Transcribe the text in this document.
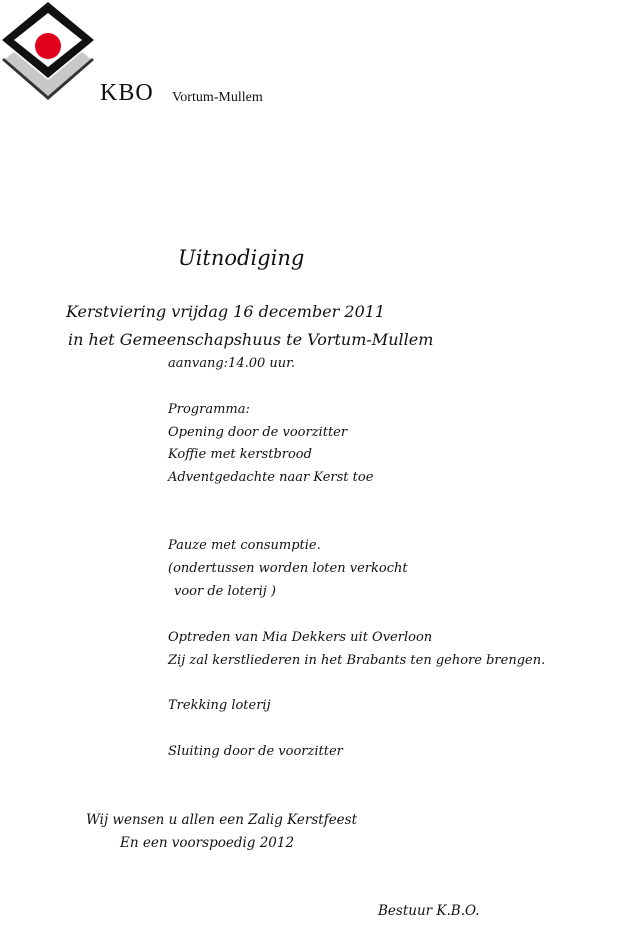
KBO Vortum-Mullem
Uitnodiging
Kerstviering vrijdag 16 december 2011
in het Gemeenschapshuus te Vortum-Mullem
aanvang:14.00 uur.
Programma:
Opening door de voorzitter
Koffie met kerstbrood
Adventgedachte naar Kerst toe
Pauze met consumptie.
(ondertussen worden loten verkocht
voor de loterij )
Optreden van Mia Dekkers uit Overloon
Zij zal kerstliederen in het Brabants ten gehore brengen.
Trekking loterij
Sluiting door de voorzitter
Wij wensen u allen een Zalig Kerstfeest
En een voorspoedig 2012
Bestuur K.B.O.
